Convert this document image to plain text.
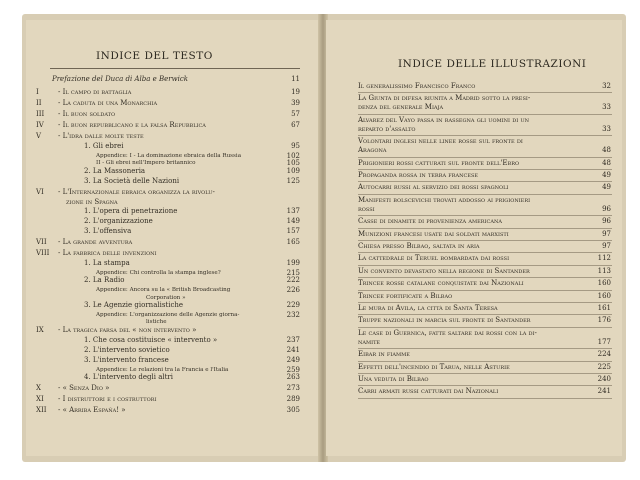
INDICE DEL TESTO
Prefazione del Duca di Alba e Berwick	11
I	- Il campo di battaglia	19
II - La caduta di una Monarchia	39
III - Il buon soldato	57
IV - Il buon repubblicano e la falsa Repubblica	67
V - L'idra dalle molte teste
1. Gli ebrei	95
Appendice: I - La dominazione ebraica della Russia	102
II - Gli ebrei nell'Impero britannico	105
2. La Massoneria	109
3. La Società delle Nazioni	125
VI - L'Internazionale ebraica organizza la rivolu-
zione in Spagna
1. L'opera di penetrazione	137
2. L'organizzazione	149
3. L'offensiva	157
VII - La grande avventura	165
VIII - La fabbrica delle invenzioni
1. La stampa	199
Appendice: Chi controlla la stampa inglese?	215
2. La Radio	222
Appendice: Ancora su la « British Broadcasting	226
Corporation »
3. Le Agenzie giornalistiche	229
Appendice: L'organizzazione delle Agenzie giorna-	232
listiche
IX - La tragica farsa del « non intervento »
1. Che cosa costituisce « intervento »	237
2. L'intervento sovietico	241
3. L'intervento francese	249
Appendice: Le relazioni tra la Francia e l'Italia	259
4. L'intervento degli altri	263
X - « Senza Dio »	273
XI - I distruttori e i costruttori	289
XII - « Arriba España! »	305
INDICE DELLE ILLUSTRAZIONI
Il generalissimo Francisco Franco	32
La Giunta di difesa riunita a Madrid sotto la presi-
denza del generale Miaja	33
Alvarez del Vayo passa in rassegna gli uomini di un
reparto d'assalto	33
Volontari inglesi nelle linee rosse sul fronte di
Aragona	48
Prigionieri rossi catturati sul fronte dell'Ebro	48
Propaganda rossa in terra francese	49
Autocarri russi al servizio dei rossi spagnoli	49
Manifesti bolscevichi trovati addosso ai prigionieri
rossi	96
Casse di dinamite di provenienza americana	96
Munizioni francesi usate dai soldati marxisti	97
Chiesa presso Bilbao, saltata in aria	97
La cattedrale di Teruel bombardata dai rossi	112
Un convento devastato nella regione di Santander	113
Trincee rosse catalane conquistate dai Nazionali	160
Trincee fortificate a Bilbao	160
Le mura di Avila, la città di Santa Teresa	161
Truppe nazionali in marcia sul fronte di Santander	176
Le case di Guernica, fatte saltare dai rossi con la di-
namite	177
Eibar in fiamme	224
Effetti dell'incendio di Tarua, nelle Asturie	225
Una veduta di Bilbao	240
Carri armati russi catturati dai Nazionali	241
